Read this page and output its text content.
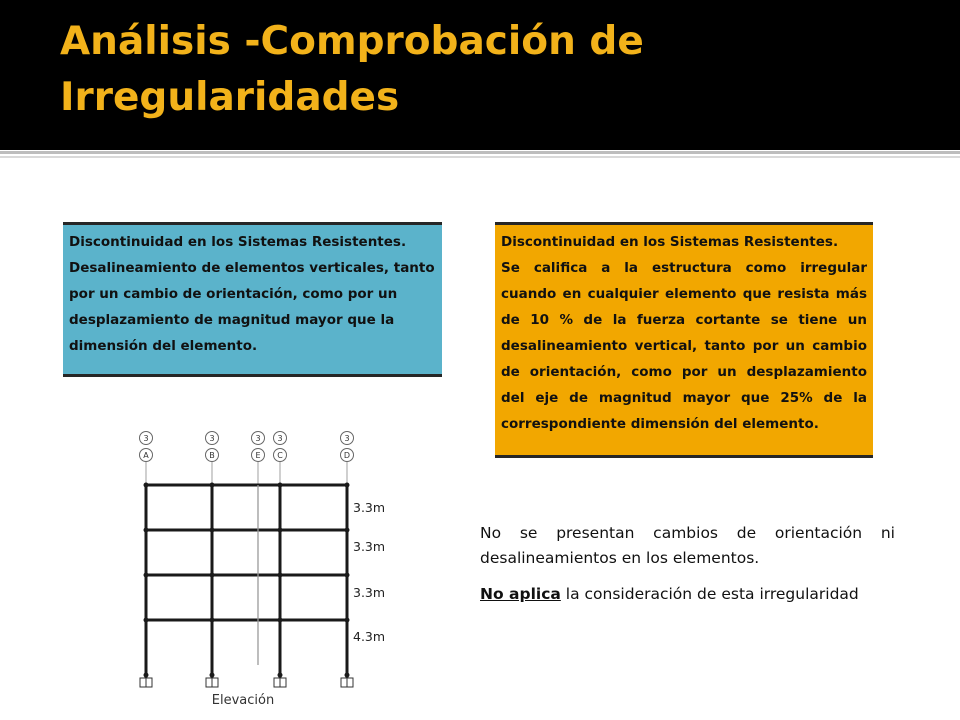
Análisis -Comprobación de Irregularidades

Discontinuidad en los Sistemas Resistentes. Desalineamiento de elementos verticales, tanto por un cambio de orientación, como por un desplazamiento de magnitud mayor que la dimensión del elemento.

Discontinuidad en los Sistemas Resistentes.

Se califica a la estructura como irregular cuando en cualquier elemento que resista más de 10 % de la fuerza cortante se tiene un desalineamiento vertical, tanto por un cambio de orientación, como por un desplazamiento del eje de magnitud mayor que 25% de la correspondiente dimensión del elemento.

No se presentan cambios de orientación ni desalineamientos en los elementos.

No aplica la consideración de esta irregularidad

3
A
3
B
3
E
3
C
3
D
3.3m
3.3m
3.3m
4.3m
Elevación
